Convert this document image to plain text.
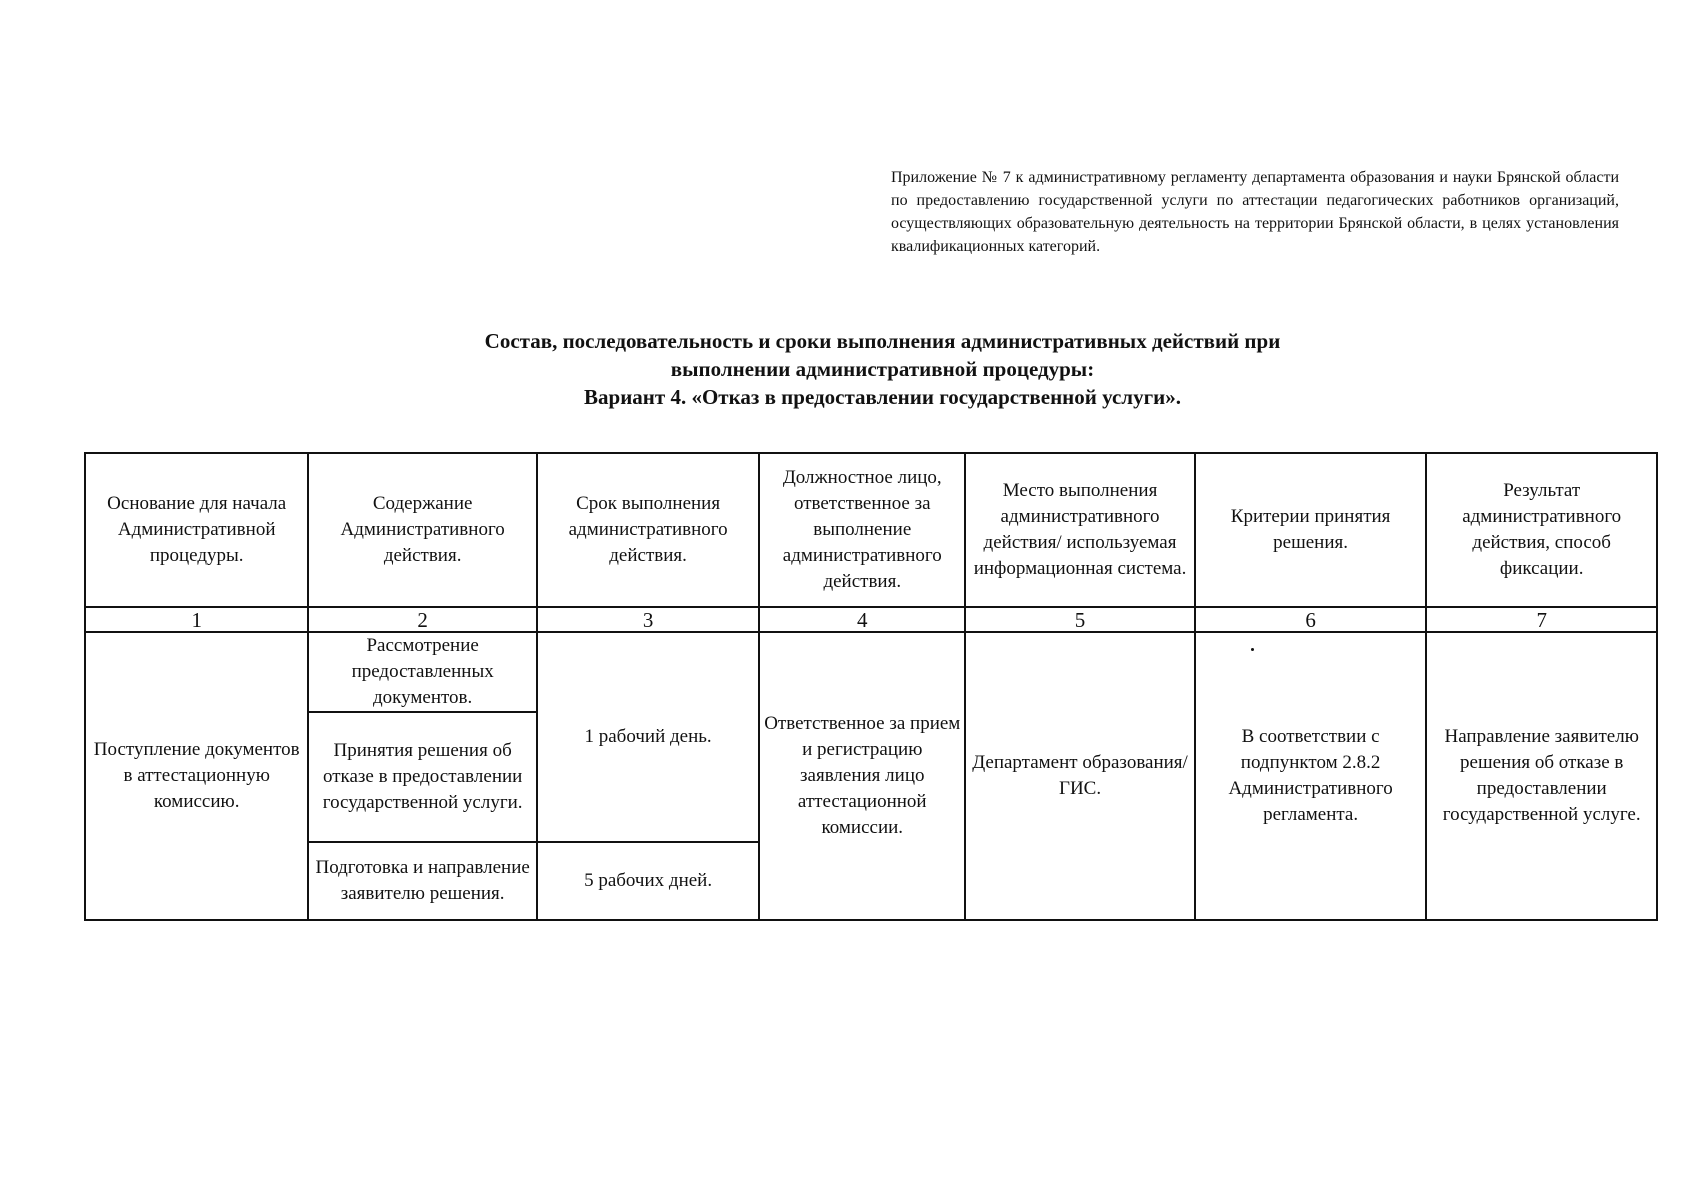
Приложение № 7 к административному регламенту департамента образования и науки Брянской области по предоставлению государственной услуги по аттестации педагогических работников организаций, осуществляющих образовательную деятельность на территории Брянской области, в целях установления квалификационных категорий.
Состав, последовательность и сроки выполнения административных действий при
выполнении административной процедуры:
Вариант 4. «Отказ в предоставлении государственной услуги».
Основание для начала Административной процедуры.	Содержание Административного действия.	Срок выполнения административного действия.	Должностное лицо, ответственное за выполнение административного действия.	Место выполнения административного действия/ используемая информационная система.	Критерии принятия решения.	Результат административного действия, способ фиксации.
1	2	3	4	5	6	7
Поступление документов в аттестационную комиссию.	Рассмотрение предоставленных документов.	1 рабочий день.	Ответственное за прием и регистрацию заявления лицо аттестационной комиссии.	Департамент образования/ ГИС.	В соответствии с подпунктом 2.8.2 Административного регламента.	Направление заявителю решения об отказе в предоставлении государственной услуге.
	Принятия решения об отказе в предоставлении государственной услуги.					
	Подготовка и направление заявителю решения.	5 рабочих дней.				
